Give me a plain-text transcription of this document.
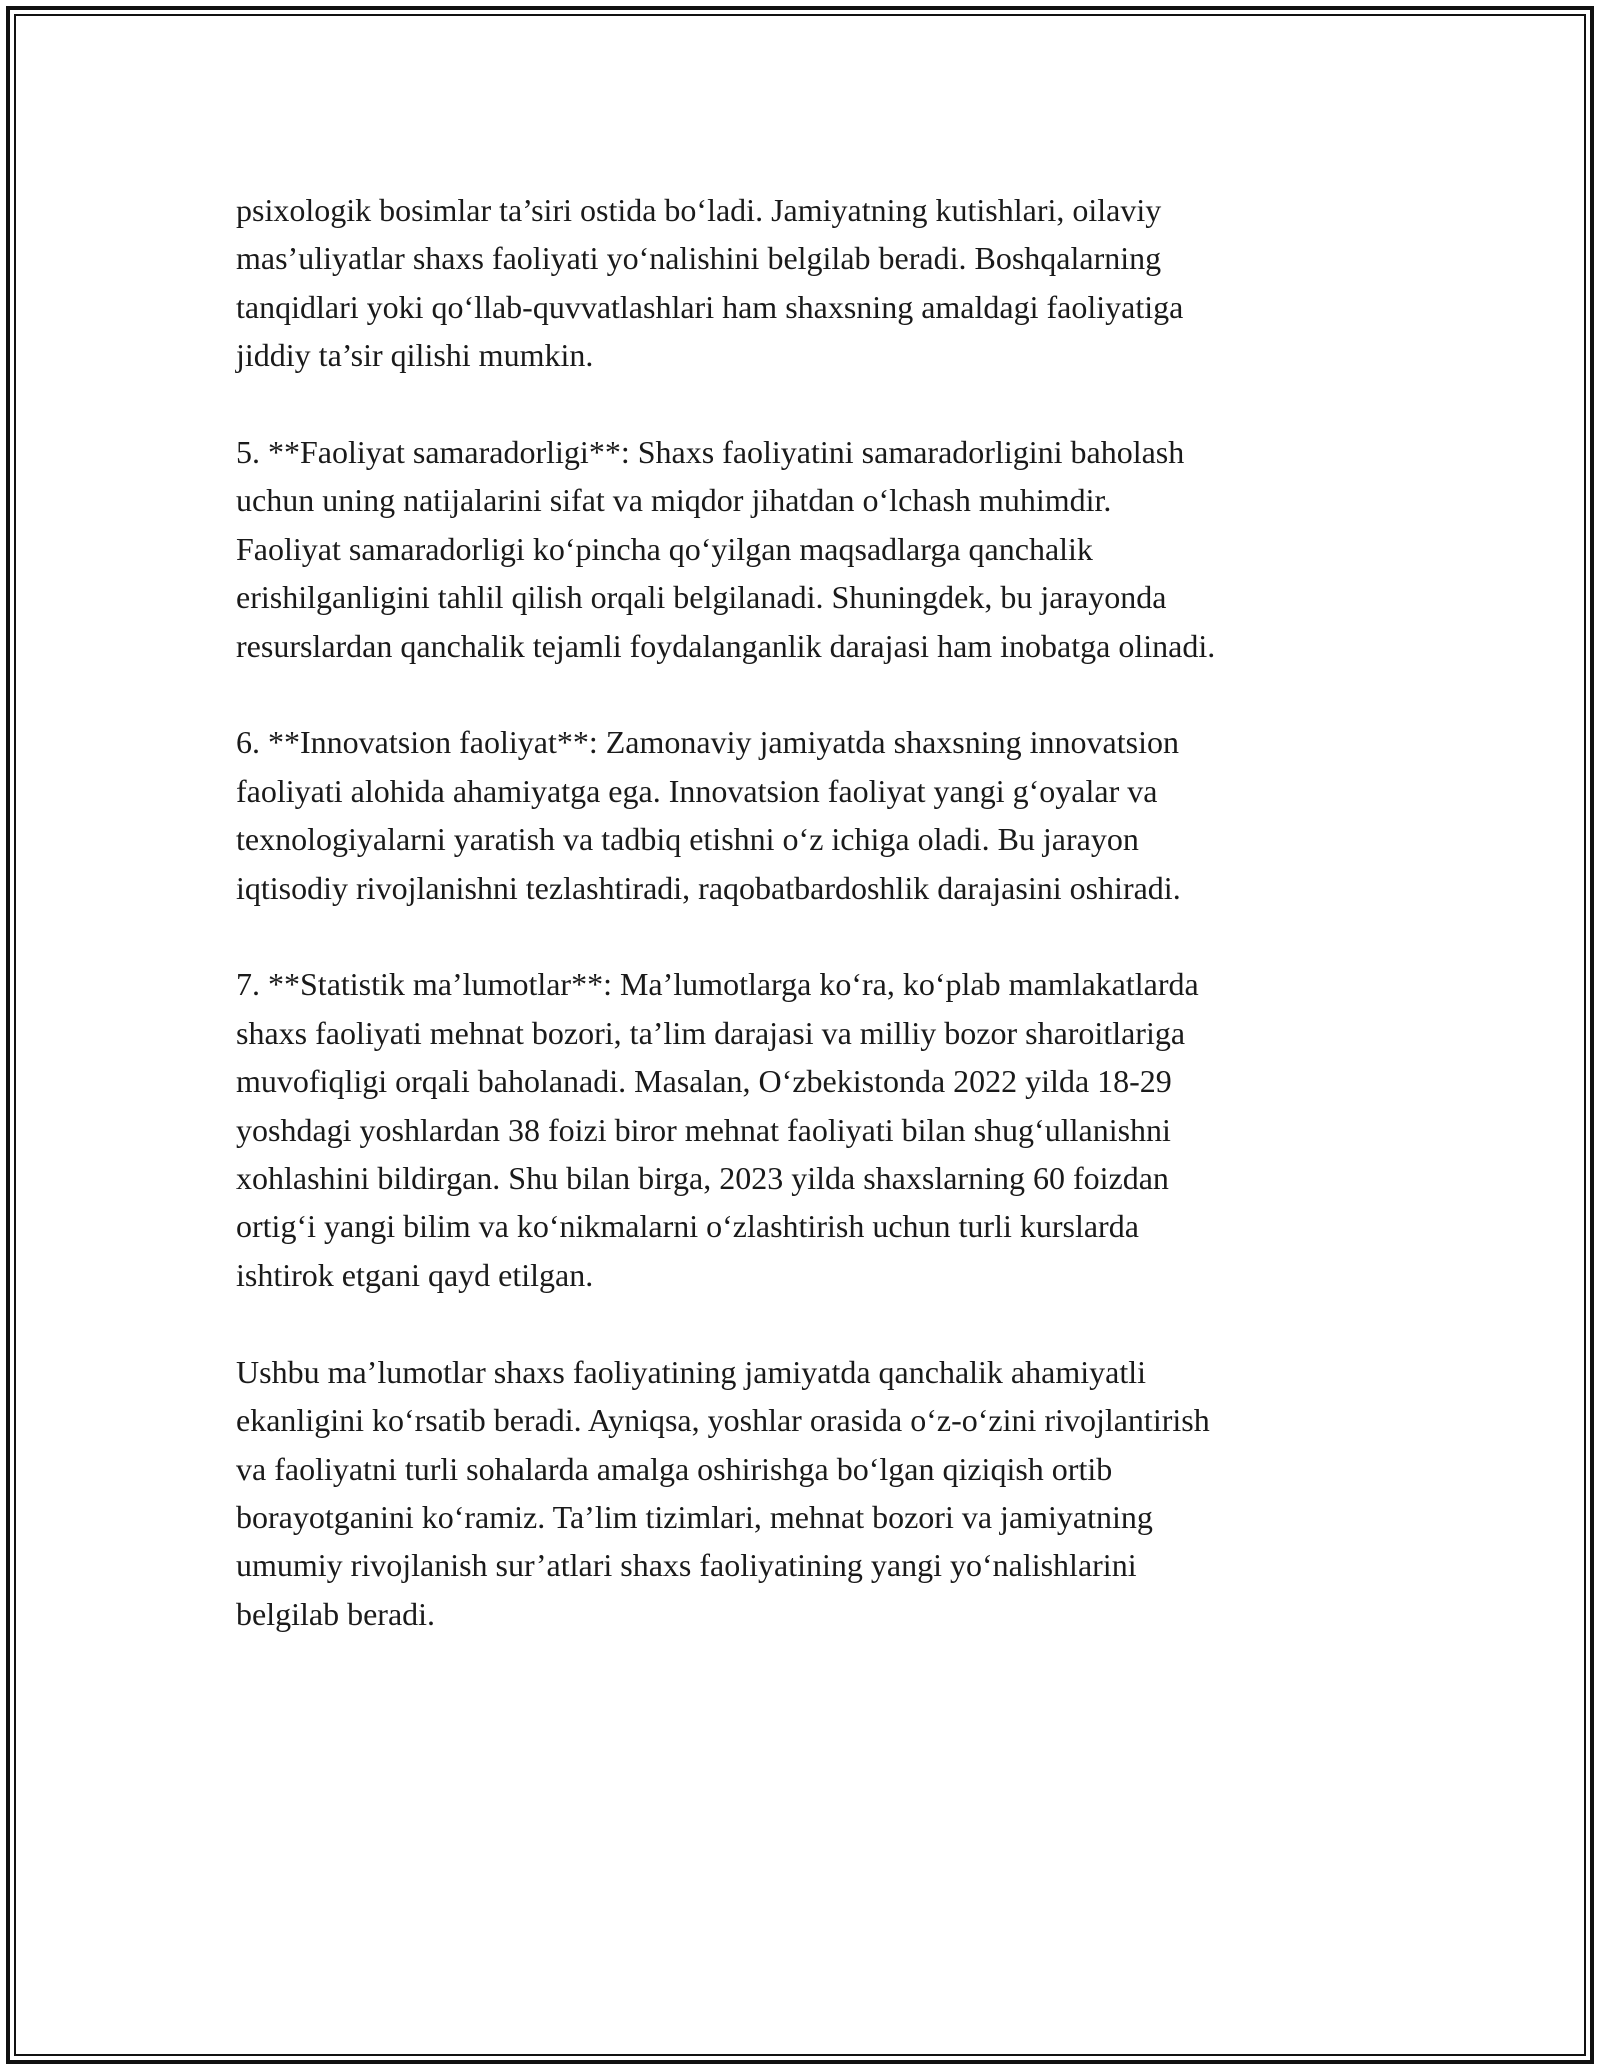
psixologik bosimlar ta’siri ostida bo‘ladi. Jamiyatning kutishlari, oilaviy
mas’uliyatlar shaxs faoliyati yo‘nalishini belgilab beradi. Boshqalarning
tanqidlari yoki qo‘llab-quvvatlashlari ham shaxsning amaldagi faoliyatiga
jiddiy ta’sir qilishi mumkin.

5. **Faoliyat samaradorligi**: Shaxs faoliyatini samaradorligini baholash
uchun uning natijalarini sifat va miqdor jihatdan o‘lchash muhimdir.
Faoliyat samaradorligi ko‘pincha qo‘yilgan maqsadlarga qanchalik
erishilganligini tahlil qilish orqali belgilanadi. Shuningdek, bu jarayonda
resurslardan qanchalik tejamli foydalanganlik darajasi ham inobatga olinadi.

6. **Innovatsion faoliyat**: Zamonaviy jamiyatda shaxsning innovatsion
faoliyati alohida ahamiyatga ega. Innovatsion faoliyat yangi g‘oyalar va
texnologiyalarni yaratish va tadbiq etishni o‘z ichiga oladi. Bu jarayon
iqtisodiy rivojlanishni tezlashtiradi, raqobatbardoshlik darajasini oshiradi.

7. **Statistik ma’lumotlar**: Ma’lumotlarga ko‘ra, ko‘plab mamlakatlarda
shaxs faoliyati mehnat bozori, ta’lim darajasi va milliy bozor sharoitlariga
muvofiqligi orqali baholanadi. Masalan, O‘zbekistonda 2022 yilda 18-29
yoshdagi yoshlardan 38 foizi biror mehnat faoliyati bilan shug‘ullanishni
xohlashini bildirgan. Shu bilan birga, 2023 yilda shaxslarning 60 foizdan
ortig‘i yangi bilim va ko‘nikmalarni o‘zlashtirish uchun turli kurslarda
ishtirok etgani qayd etilgan.

Ushbu ma’lumotlar shaxs faoliyatining jamiyatda qanchalik ahamiyatli
ekanligini ko‘rsatib beradi. Ayniqsa, yoshlar orasida o‘z-o‘zini rivojlantirish
va faoliyatni turli sohalarda amalga oshirishga bo‘lgan qiziqish ortib
borayotganini ko‘ramiz. Ta’lim tizimlari, mehnat bozori va jamiyatning
umumiy rivojlanish sur’atlari shaxs faoliyatining yangi yo‘nalishlarini
belgilab beradi.
